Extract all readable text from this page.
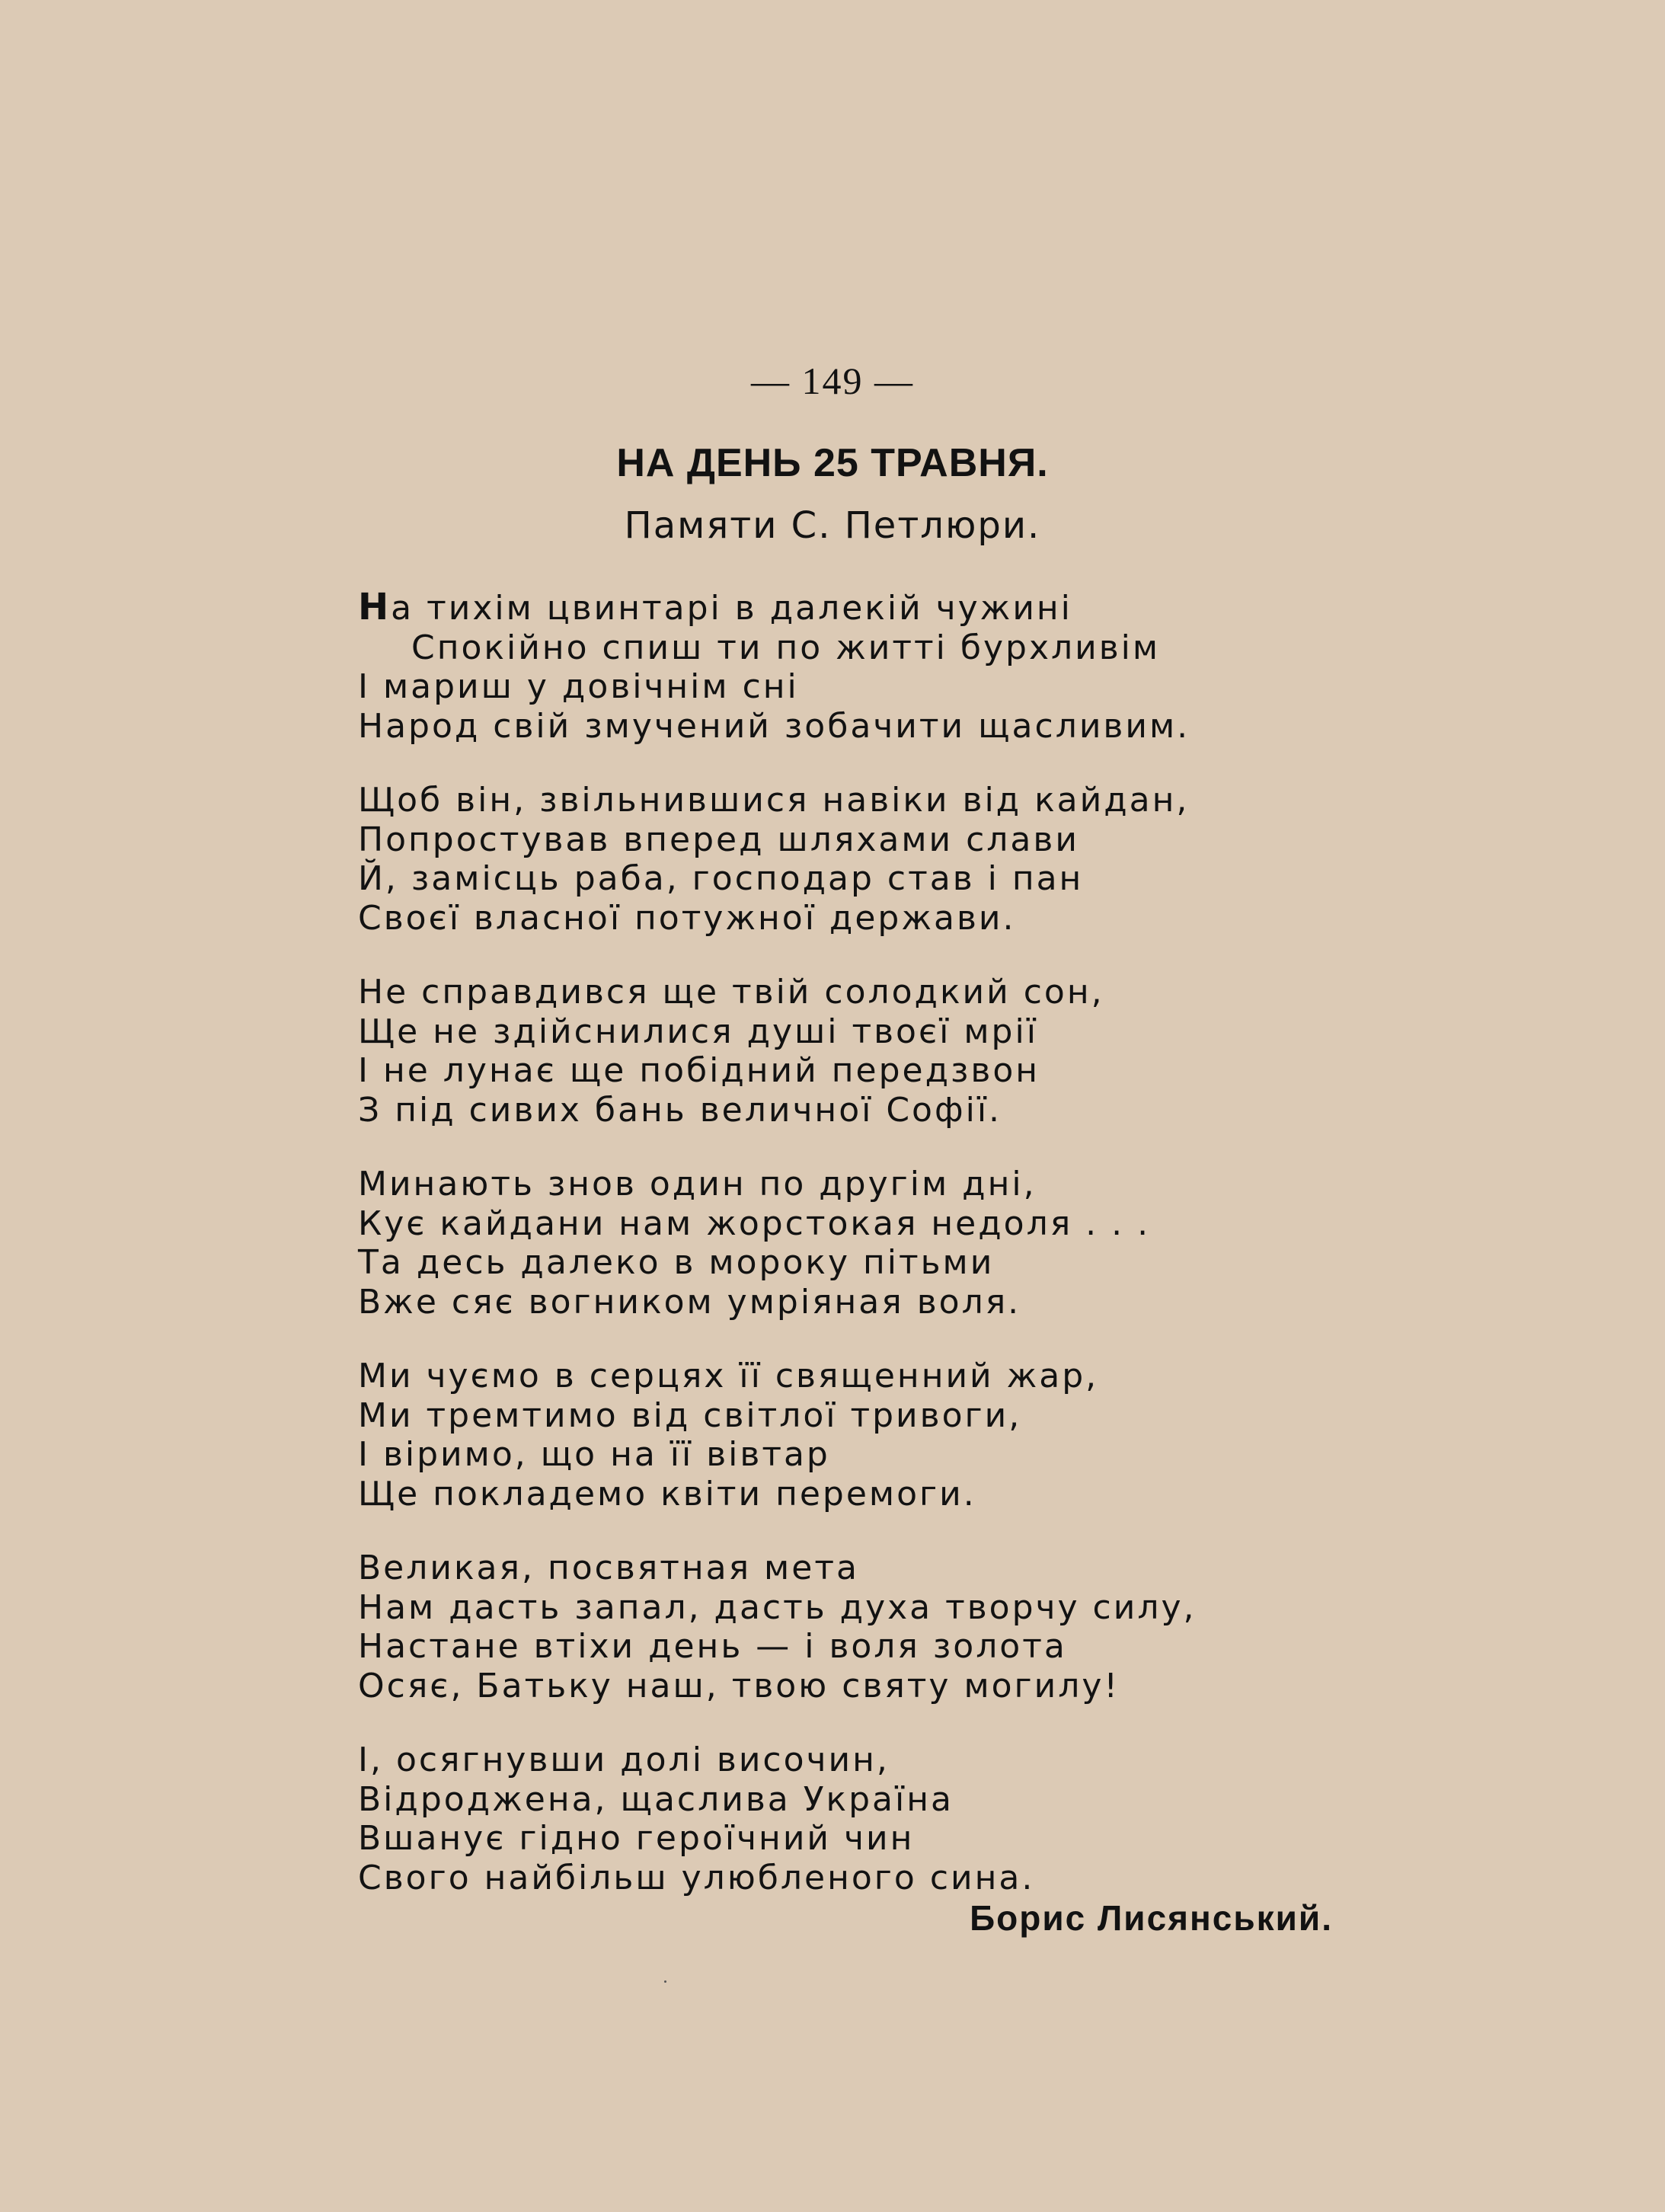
— 149 —
НА ДЕНЬ 25 ТРАВНЯ.
Памяти С. Петлюри.
На тихім цвинтарі в далекій чужині
Спокійно спиш ти по житті бурхливім
І мариш у довічнім сні
Народ свій змучений зобачити щасливим.
Щоб він, звільнившися навіки від кайдан,
Попростував вперед шляхами слави
Й, замісць раба, господар став і пан
Своєї власної потужної держави.
Не справдився ще твій солодкий сон,
Ще не здійснилися душі твоєї мрії
І не лунає ще побідний передзвон
З під сивих бань величної Софії.
Минають знов один по другім дні,
Кує кайдани нам жорстокая недоля . . .
Та десь далеко в мороку пітьми
Вже сяє вогником умріяная воля.
Ми чуємо в серцях її священний жар,
Ми тремтимо від світлої тривоги,
І віримо, що на її вівтар
Ще покладемо квіти перемоги.
Великая, посвятная мета
Нам дасть запал, дасть духа творчу силу,
Настане втіхи день — і воля золота
Осяє, Батьку наш, твою святу могилу!
І, осягнувши долі височин,
Відроджена, щаслива Україна
Вшанує гідно героїчний чин
Свого найбільш улюбленого сина.
Борис Лисянський.
